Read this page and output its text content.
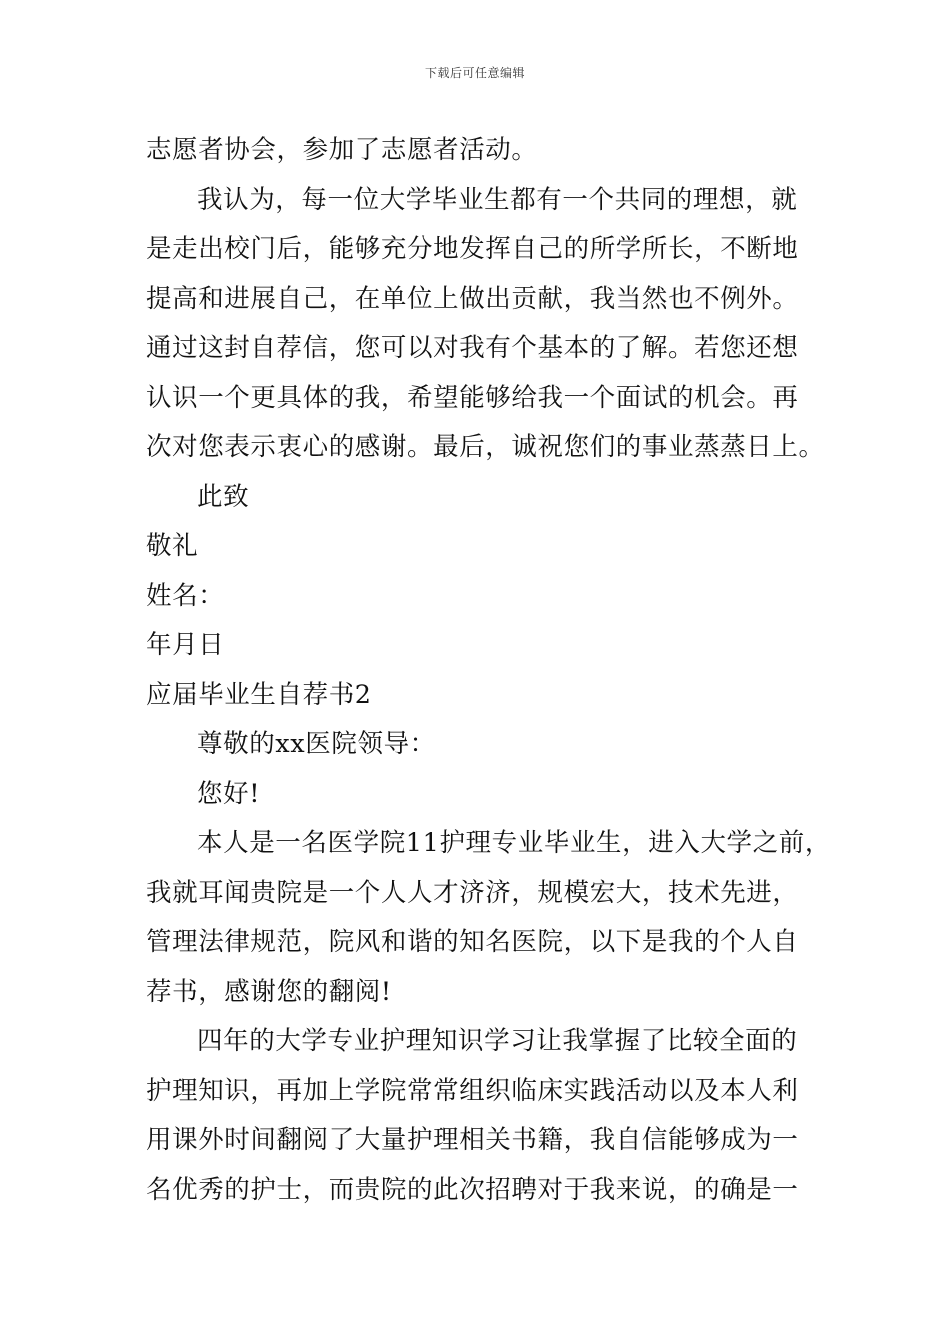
下载后可任意编辑
志愿者协会，参加了志愿者活动。
我认为，每一位大学毕业生都有一个共同的理想，就
是走出校门后，能够充分地发挥自己的所学所长，不断地
提高和进展自己，在单位上做出贡献，我当然也不例外。
通过这封自荐信，您可以对我有个基本的了解。若您还想
认识一个更具体的我，希望能够给我一个面试的机会。再
次对您表示衷心的感谢。最后，诚祝您们的事业蒸蒸日上。
此致
敬礼
姓名：
年月日
应届毕业生自荐书2
尊敬的xx医院领导：
您好!
本人是一名医学院11护理专业毕业生，进入大学之前，
我就耳闻贵院是一个人人才济济，规模宏大，技术先进，
管理法律规范，院风和谐的知名医院，以下是我的个人自
荐书，感谢您的翻阅!
四年的大学专业护理知识学习让我掌握了比较全面的
护理知识，再加上学院常常组织临床实践活动以及本人利
用课外时间翻阅了大量护理相关书籍，我自信能够成为一
名优秀的护士，而贵院的此次招聘对于我来说，的确是一
